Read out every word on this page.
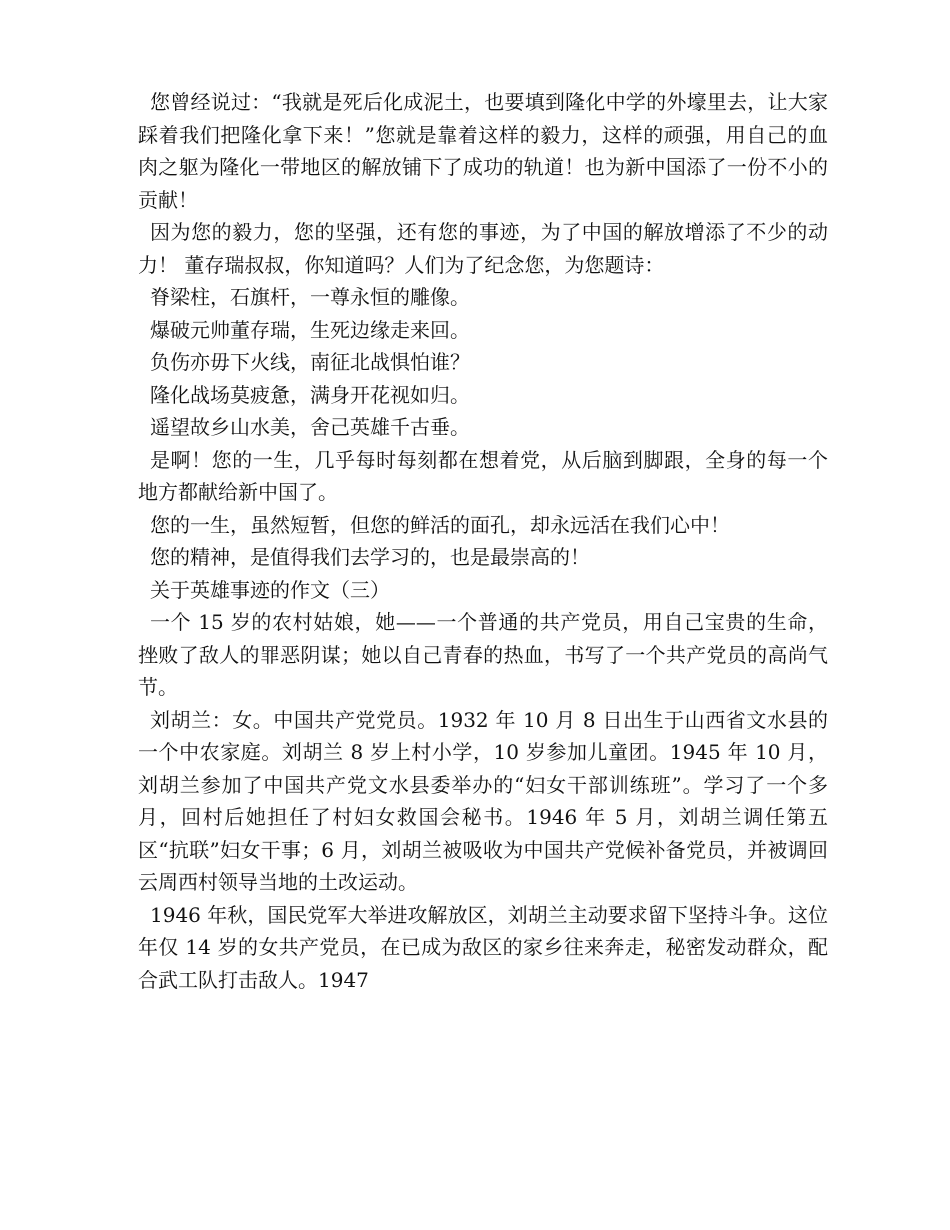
您曾经说过：“我就是死后化成泥土，也要填到隆化中学的外壕里去，让大家踩着我们把隆化拿下来！”您就是靠着这样的毅力，这样的顽强，用自己的血肉之躯为隆化一带地区的解放铺下了成功的轨道！也为新中国添了一份不小的贡献！

因为您的毅力，您的坚强，还有您的事迹，为了中国的解放增添了不少的动力！ 董存瑞叔叔，你知道吗？人们为了纪念您，为您题诗：

脊梁柱，石旗杆，一尊永恒的雕像。

爆破元帅董存瑞，生死边缘走来回。

负伤亦毋下火线，南征北战惧怕谁？

隆化战场莫疲惫，满身开花视如归。

遥望故乡山水美，舍己英雄千古垂。

是啊！您的一生，几乎每时每刻都在想着党，从后脑到脚跟，全身的每一个地方都献给新中国了。

您的一生，虽然短暂，但您的鲜活的面孔，却永远活在我们心中！

您的精神，是值得我们去学习的，也是最崇高的！

关于英雄事迹的作文（三）

一个 15 岁的农村姑娘，她——一个普通的共产党员，用自己宝贵的生命，挫败了敌人的罪恶阴谋；她以自己青春的热血，书写了一个共产党员的高尚气节。

刘胡兰：女。中国共产党党员。1932 年 10 月 8 日出生于山西省文水县的一个中农家庭。刘胡兰 8 岁上村小学，10 岁参加儿童团。1945 年 10 月，刘胡兰参加了中国共产党文水县委举办的“妇女干部训练班”。学习了一个多月，回村后她担任了村妇女救国会秘书。1946 年 5 月，刘胡兰调任第五区“抗联”妇女干事；6 月，刘胡兰被吸收为中国共产党候补备党员，并被调回云周西村领导当地的土改运动。

1946 年秋，国民党军大举进攻解放区，刘胡兰主动要求留下坚持斗争。这位年仅 14 岁的女共产党员，在已成为敌区的家乡往来奔走，秘密发动群众，配合武工队打击敌人。1947
